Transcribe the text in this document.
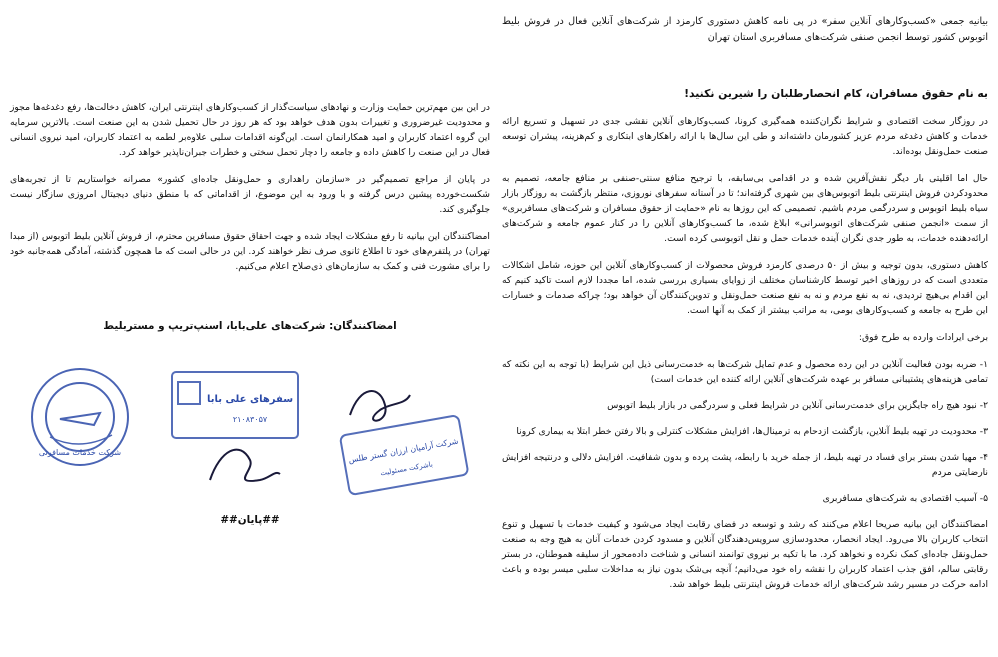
بیانیه جمعی «کسب‌وکارهای آنلاین سفر» در پی نامه کاهش دستوری کارمزد از شرکت‌های آنلاین فعال در فروش بلیط اتوبوس کشور توسط انجمن صنفی شرکت‌های مسافربری استان تهران

به نام حقوق مسافران، کام انحصارطلبان را شیرین نکنید!

در روزگار سخت اقتصادی و شرایط نگران‌کننده همه‌گیری کرونا، کسب‌وکارهای آنلاین نقشی جدی در تسهیل و تسریع ارائه خدمات و کاهش دغدغه مردم عزیز کشورمان داشته‌اند و طی این سال‌ها با ارائه راهکارهای ابتکاری و کم‌هزینه، پیشران توسعه صنعت حمل‌ونقل بوده‌اند.

حال اما اقلیتی بار دیگر نقش‌آفرین شده و در اقدامی بی‌سابقه، با ترجیح منافع سنتی-صنفی بر منافع جامعه، تصمیم به محدودکردن فروش اینترنتی بلیط اتوبوس‌های بین شهری گرفته‌اند؛ تا در آستانه سفرهای نوروزی، منتظر بازگشت به روزگار بازار سیاه بلیط اتوبوس و سردرگمی مردم باشیم. تصمیمی که این روزها به نام «حمایت از حقوق مسافران و شرکت‌های مسافربری» از سمت «انجمن صنفی شرکت‌های اتوبوسرانی» ابلاغ شده، ما کسب‌وکارهای آنلاین را در کنار عموم جامعه و شرکت‌های ارائه‌دهنده خدمات، به طور جدی نگران آینده خدمات حمل و نقل اتوبوسی کرده است.

کاهش دستوری، بدون توجیه و بیش از ۵۰ درصدی کارمزد فروش محصولات از کسب‌وکارهای آنلاین این حوزه، شامل اشکالات متعددی است که در روزهای اخیر توسط کارشناسان مختلف از زوایای بسیاری بررسی شده، اما مجددا لازم است تاکید کنیم که این اقدام بی‌هیچ تردیدی، نه به نفع مردم و نه به نفع صنعت حمل‌ونقل و تدوین‌کنندگان آن خواهد بود؛ چراکه صدمات و خسارات این طرح به جامعه و کسب‌وکارهای بومی، به مراتب بیشتر از کمک به آنها است.

برخی ایرادات وارده به طرح فوق:

۱- ضربه بودن فعالیت آنلاین در این رده محصول و عدم تمایل شرکت‌ها به خدمت‌رسانی ذیل این شرایط (با توجه به این نکته که تمامی هزینه‌های پشتیبانی مسافر بر عهده شرکت‌های آنلاین ارائه کننده این خدمات است)

۲- نبود هیچ راه جایگزین برای خدمت‌رسانی آنلاین در شرایط فعلی و سردرگمی در بازار بلیط اتوبوس

۳- محدودیت در تهیه بلیط آنلاین، بازگشت ازدحام به ترمینال‌ها، افزایش مشکلات کنترلی و بالا رفتن خطر ابتلا به بیماری کرونا

۴- مهیا شدن بستر برای فساد در تهیه بلیط، از جمله خرید با رابطه، پشت پرده و بدون شفافیت. افزایش دلالی و درنتیجه افزایش نارضایتی مردم

۵- آسیب اقتصادی به شرکت‌های مسافربری

امضاکنندگان این بیانیه صریحا اعلام می‌کنند که رشد و توسعه در فضای رقابت ایجاد می‌شود و کیفیت خدمات با تسهیل و تنوع انتخاب کاربران بالا می‌رود. ایجاد انحصار، محدودسازی سرویس‌دهندگان آنلاین و مسدود کردن خدمات آنان به هیچ وجه به صنعت حمل‌ونقل جاده‌ای کمک نکرده و نخواهد کرد. ما با تکیه بر نیروی توانمند انسانی و شناخت داده‌محور از سلیقه هموطنان، در بستر رقابتی سالم، افق جذب اعتماد کاربران را نقشه راه خود می‌دانیم؛ آنچه بی‌شک بدون نیاز به مداخلات سلبی میسر بوده و باعث ادامه حرکت در مسیر رشد شرکت‌های ارائه خدمات فروش اینترنتی بلیط خواهد شد.

در این بین مهم‌ترین حمایت وزارت و نهادهای سیاست‌گذار از کسب‌وکارهای اینترنتی ایران، کاهش دخالت‌ها، رفع دغدغه‌ها مجوز و محدودیت غیرضروری و تغییرات بدون هدف خواهد بود که هر روز در حال تحمیل شدن به این صنعت است. بالاترین سرمایه این گروه اعتماد کاربران و امید همکارانمان است. این‌گونه اقدامات سلبی علاوه‌بر لطمه به اعتماد کاربران، امید نیروی انسانی فعال در این صنعت را کاهش داده و جامعه را دچار تحمل سختی و خطرات جبران‌ناپذیر خواهد کرد.

در پایان از مراجع تصمیم‌گیر در «سازمان راهداری و حمل‌ونقل جاده‌ای کشور» مصرانه خواستاریم تا از تجربه‌های شکست‌خورده پیشین درس گرفته و با ورود به این موضوع، از اقداماتی که با منطق دنیای دیجیتال امروزی سازگار نیست جلوگیری کند.

امضاکنندگان این بیانیه تا رفع مشکلات ایجاد شده و جهت احقاق حقوق مسافرین محترم، از فروش آنلاین بلیط اتوبوس (از مبدا تهران) در پلتفرم‌های خود تا اطلاع ثانوی صرف نظر خواهند کرد. این در حالی است که ما همچون گذشته، آمادگی همه‌جانبه خود را برای مشورت فنی و کمک به سازمان‌های ذی‌صلاح اعلام می‌کنیم.

امضاکنندگان: شرکت‌های علی‌بابا، اسنپ‌تریپ و مستربلیط
شرکت خدمات مسافرتی
سفرهای علی بابا
۲۱۰۸۳۰۵۷
شرکت آرامیان ارزان گستر طلس
باشرکت مسئولیت
##پایان##
